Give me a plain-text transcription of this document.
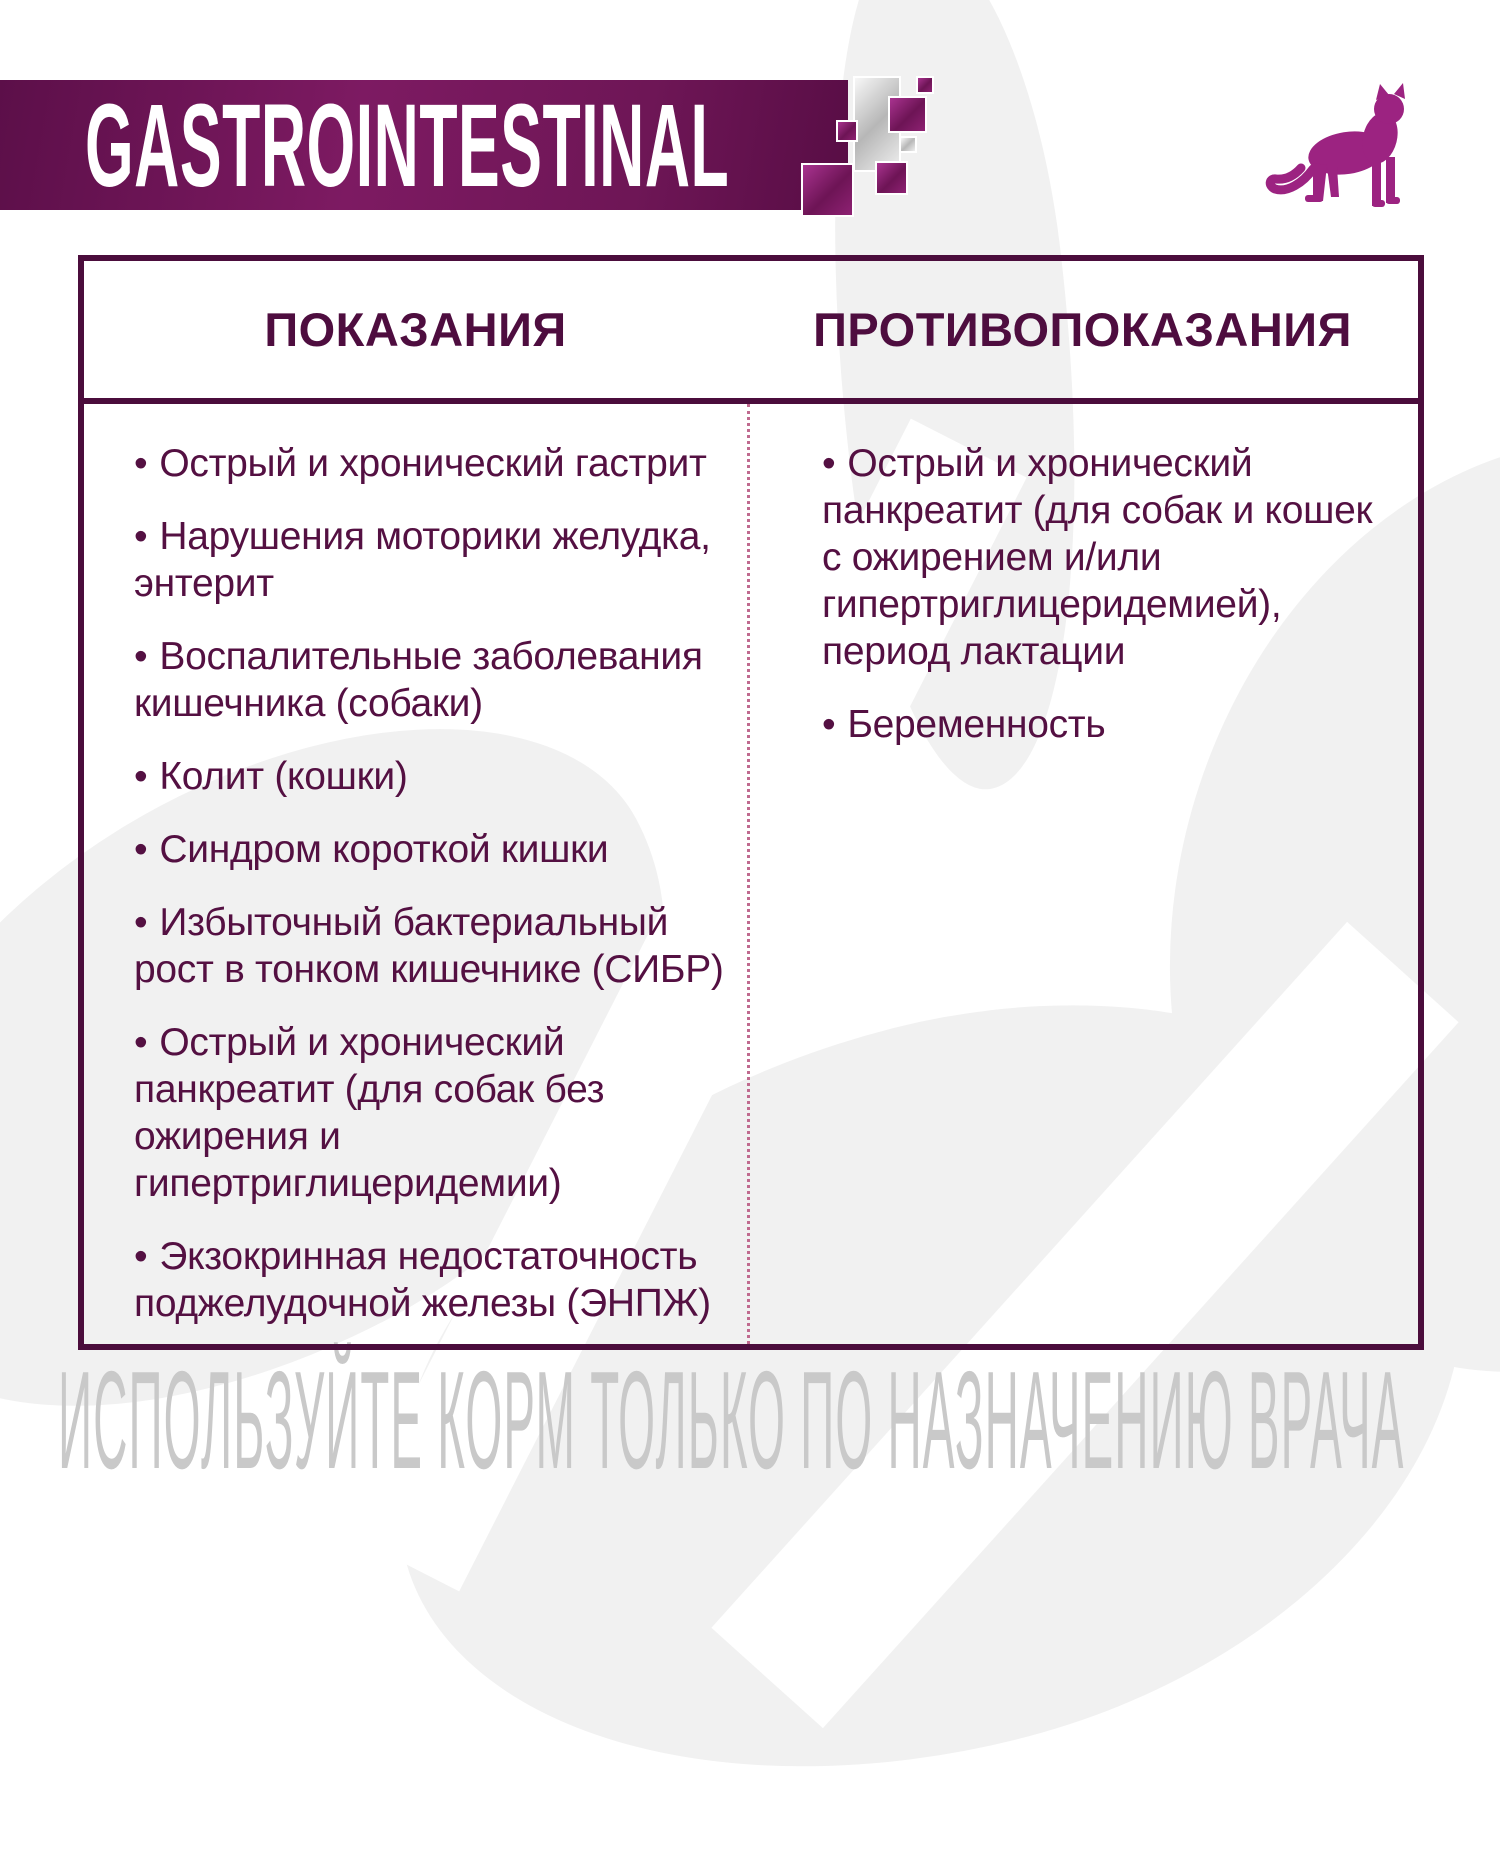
ИСПОЛЬЗУЙТЕ КОРМ ТОЛЬКО ПО НАЗНАЧЕНИЮ ВРАЧА
GASTROINTESTINAL
ПОКАЗАНИЯ	ПРОТИВОПОКАЗАНИЯ

• Острый и хронический гастрит

• Нарушения моторики желудка, энтерит

• Воспалительные заболевания кишечника (собаки)

• Колит (кошки)

• Синдром короткой кишки

• Избыточный бактериальный рост в тонком кишечнике (СИБР)

• Острый и хронический панкреатит (для собак без ожирения и гипертриглицеридемии)

• Экзокринная недостаточность поджелудочной железы (ЭНПЖ)

• Острый и хронический панкреатит (для собак и кошек с ожирением и/или гипертриглицеридемией), период лактации

• Беременность
